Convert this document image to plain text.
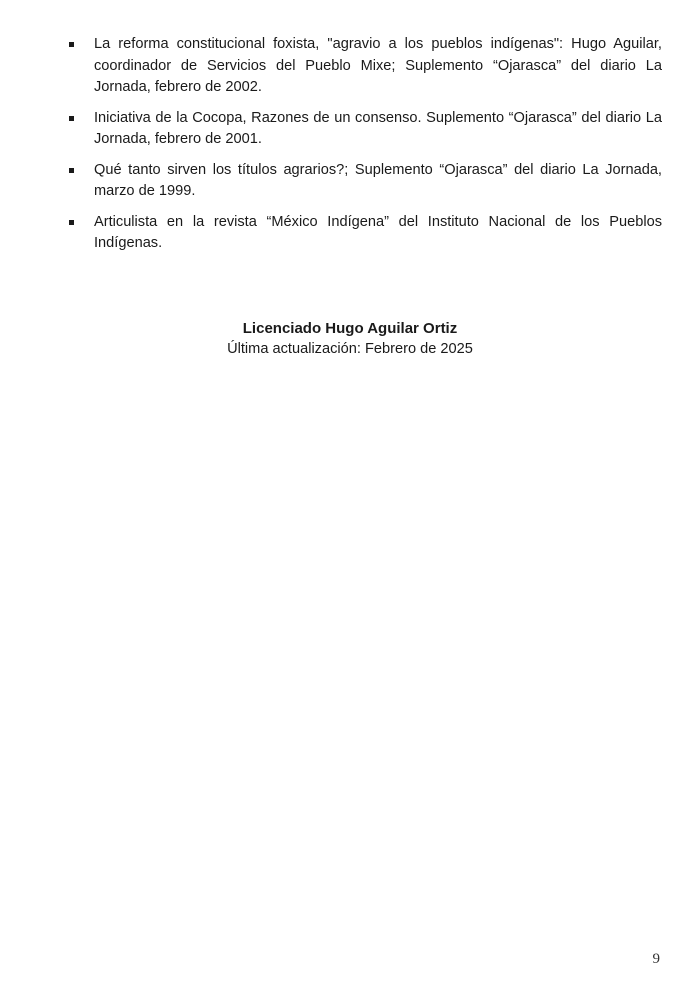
La reforma constitucional foxista, "agravio a los pueblos indígenas": Hugo Aguilar, coordinador de Servicios del Pueblo Mixe; Suplemento “Ojarasca” del diario La Jornada, febrero de 2002.
Iniciativa de la Cocopa, Razones de un consenso. Suplemento “Ojarasca” del diario La Jornada, febrero de 2001.
Qué tanto sirven los títulos agrarios?; Suplemento “Ojarasca” del diario La Jornada, marzo de 1999.
Articulista en la revista “México Indígena” del Instituto Nacional de los Pueblos Indígenas.

Licenciado Hugo Aguilar Ortiz

Última actualización: Febrero de 2025

9
